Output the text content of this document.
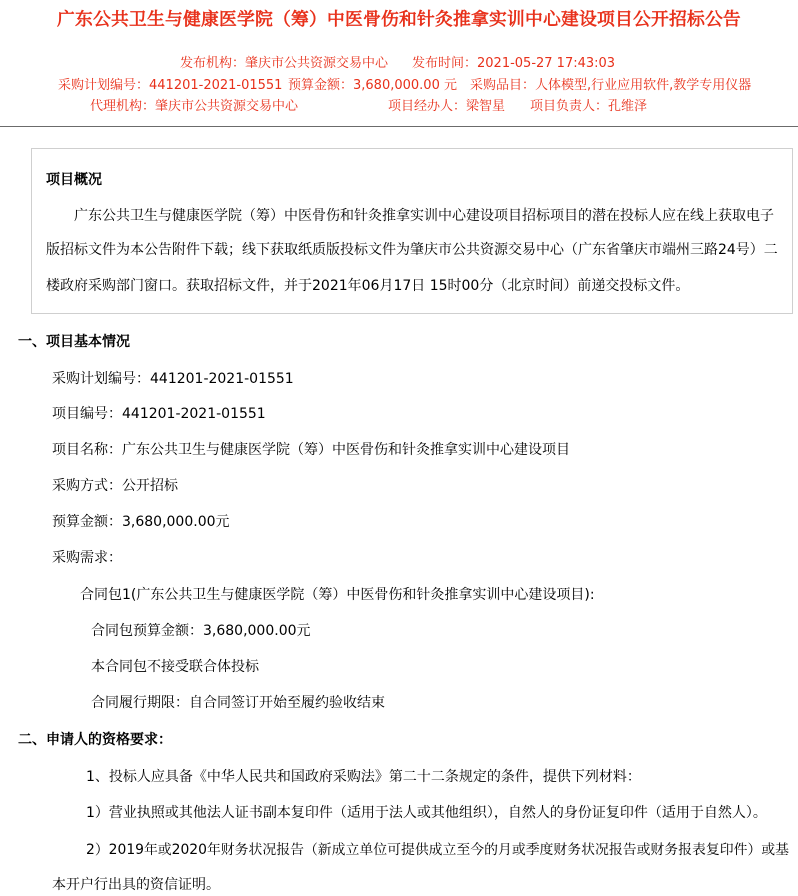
广东公共卫生与健康医学院（筹）中医骨伤和针灸推拿实训中心建设项目公开招标公告
发布机构：肇庆市公共资源交易中心 发布时间：2021-05-27 17:43:03
采购计划编号：441201-2021-01551 预算金额：3,680,000.00 元 采购品目：人体模型,行业应用软件,教学专用仪器
代理机构：肇庆市公共资源交易中心	项目经办人：梁智星 项目负责人：孔维泽
项目概况
广东公共卫生与健康医学院（筹）中医骨伤和针灸推拿实训中心建设项目招标项目的潜在投标人应在线上获取电子
版招标文件为本公告附件下载；线下获取纸质版投标文件为肇庆市公共资源交易中心（广东省肇庆市端州三路24号）二
楼政府采购部门窗口。获取招标文件，并于2021年06月17日 15时00分（北京时间）前递交投标文件。
一、项目基本情况
采购计划编号：441201-2021-01551
项目编号：441201-2021-01551
项目名称：广东公共卫生与健康医学院（筹）中医骨伤和针灸推拿实训中心建设项目
采购方式：公开招标
预算金额：3,680,000.00元
采购需求：
合同包1(广东公共卫生与健康医学院（筹）中医骨伤和针灸推拿实训中心建设项目):
合同包预算金额：3,680,000.00元
本合同包不接受联合体投标
合同履行期限：自合同签订开始至履约验收结束
二、申请人的资格要求：
1、投标人应具备《中华人民共和国政府采购法》第二十二条规定的条件，提供下列材料：
1）营业执照或其他法人证书副本复印件（适用于法人或其他组织），自然人的身份证复印件（适用于自然人）。
2）2019年或2020年财务状况报告（新成立单位可提供成立至今的月或季度财务状况报告或财务报表复印件）或基
本开户行出具的资信证明。
